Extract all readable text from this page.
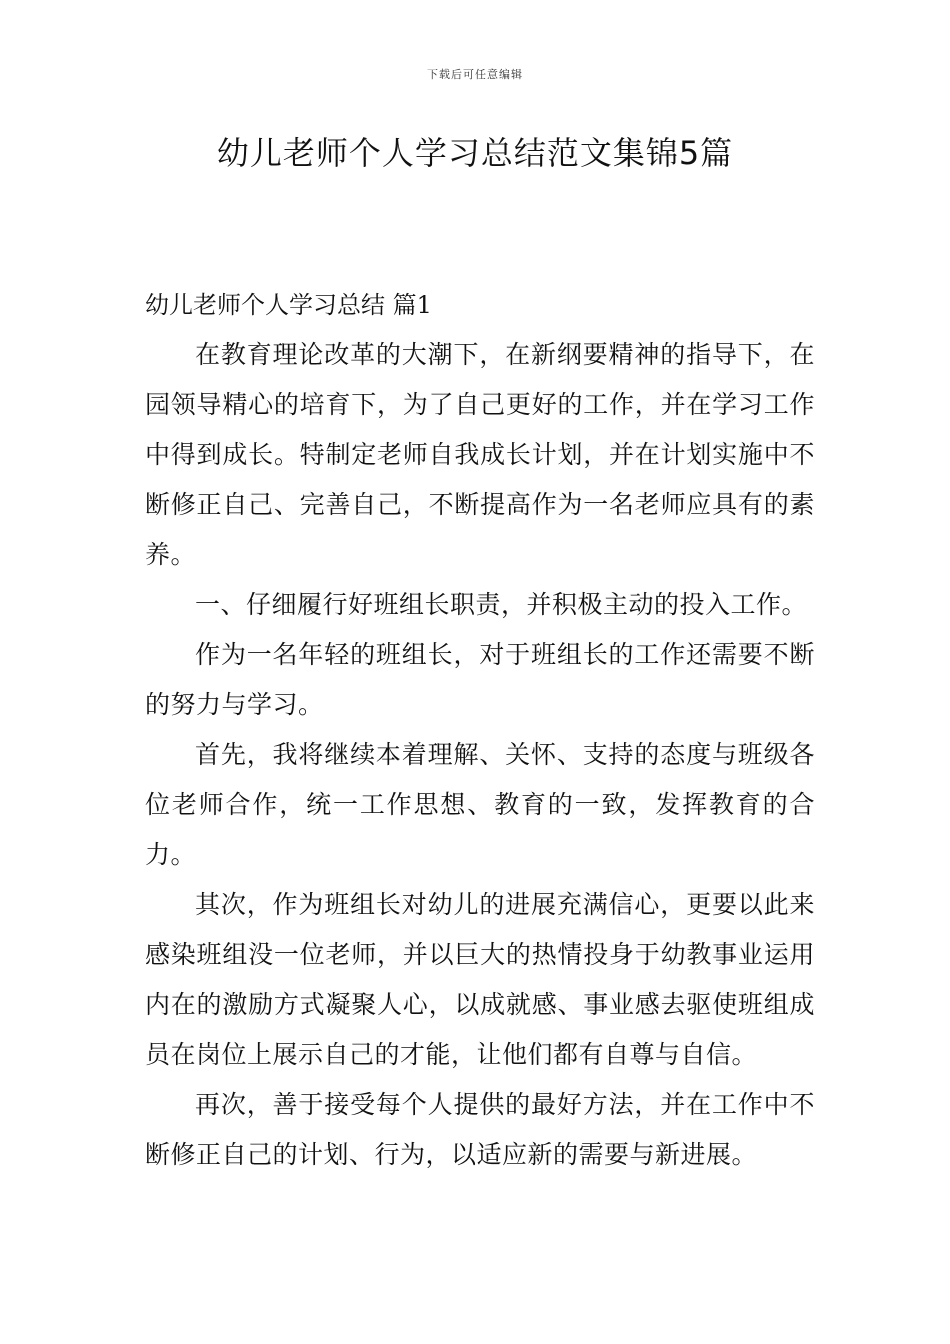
下载后可任意编辑
幼儿老师个人学习总结范文集锦5篇

幼儿老师个人学习总结 篇1

在教育理论改革的大潮下，在新纲要精神的指导下，在园领导精心的培育下，为了自己更好的工作，并在学习工作中得到成长。特制定老师自我成长计划，并在计划实施中不断修正自己、完善自己，不断提高作为一名老师应具有的素养。

一、仔细履行好班组长职责，并积极主动的投入工作。

作为一名年轻的班组长，对于班组长的工作还需要不断的努力与学习。

首先，我将继续本着理解、关怀、支持的态度与班级各位老师合作，统一工作思想、教育的一致，发挥教育的合力。

其次，作为班组长对幼儿的进展充满信心，更要以此来感染班组没一位老师，并以巨大的热情投身于幼教事业运用内在的激励方式凝聚人心，以成就感、事业感去驱使班组成员在岗位上展示自己的才能，让他们都有自尊与自信。

再次，善于接受每个人提供的最好方法，并在工作中不断修正自己的计划、行为，以适应新的需要与新进展。
